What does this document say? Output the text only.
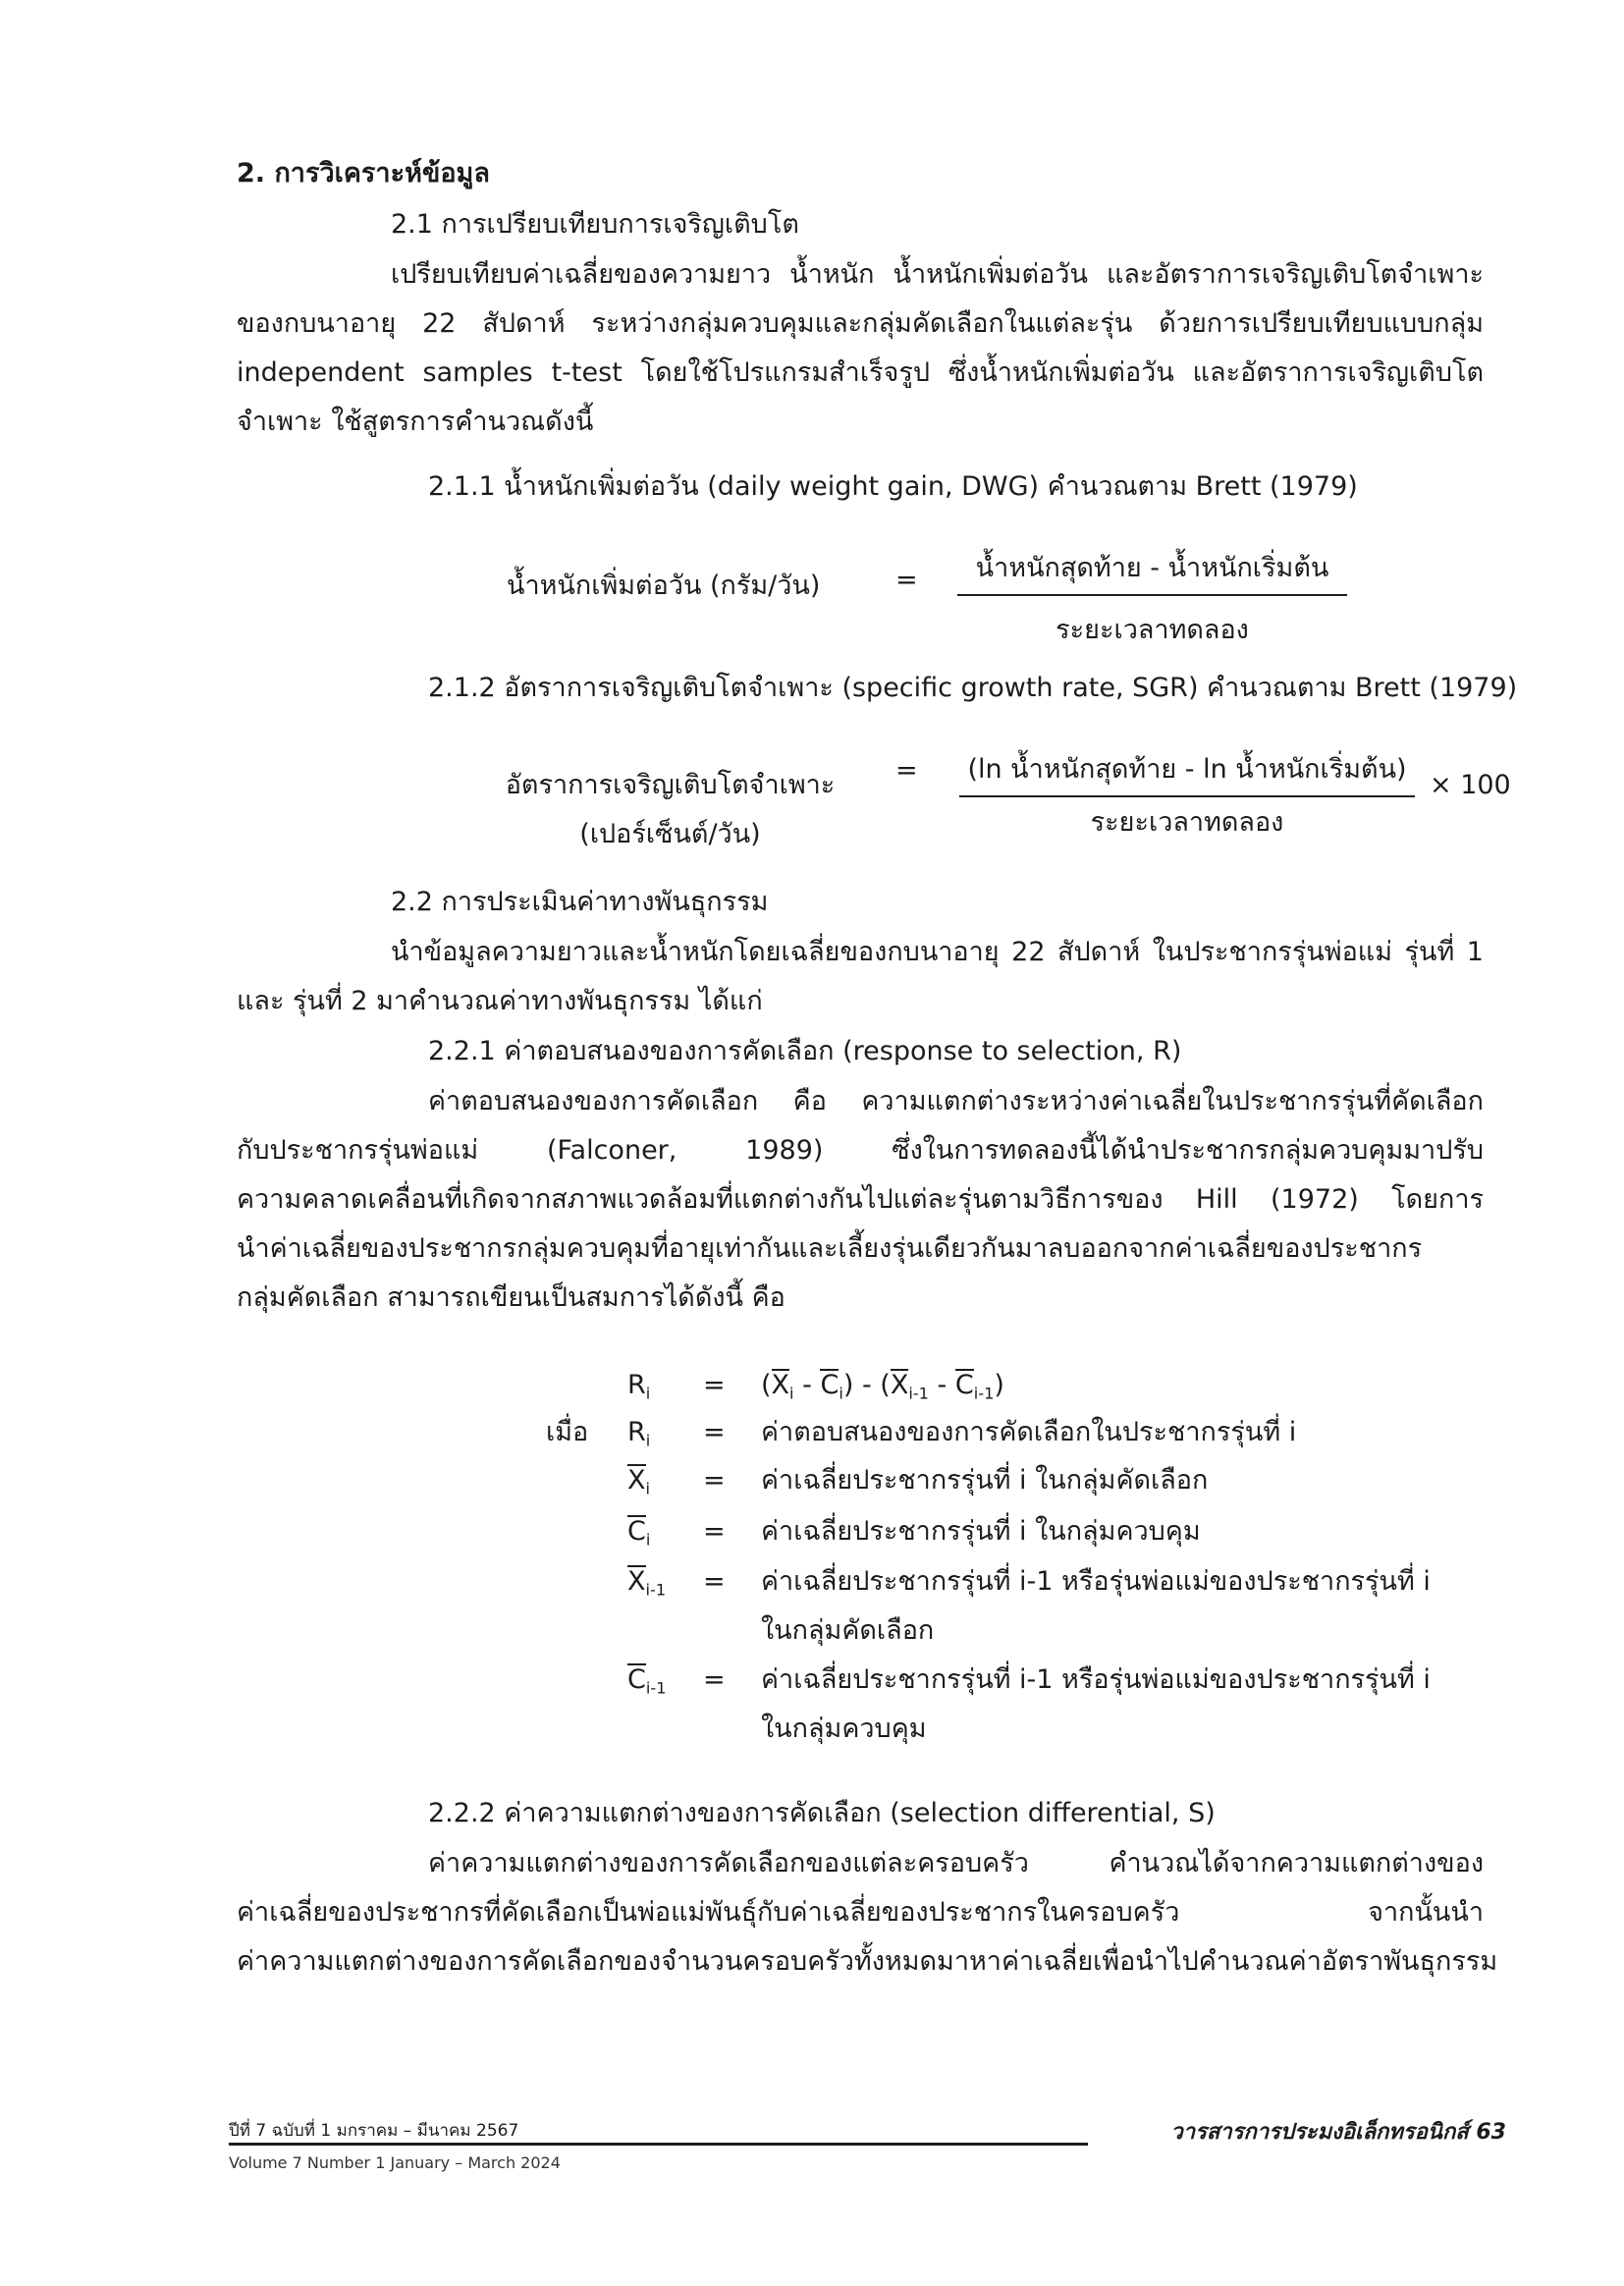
2. การวิเคราะห์ข้อมูล
2.1 การเปรียบเทียบการเจริญเติบโต
เปรียบเทียบค่าเฉลี่ยของความยาว น้ำหนัก น้ำหนักเพิ่มต่อวัน และอัตราการเจริญเติบโตจำเพาะ
ของกบนาอายุ 22 สัปดาห์ ระหว่างกลุ่มควบคุมและกลุ่มคัดเลือกในแต่ละรุ่น ด้วยการเปรียบเทียบแบบกลุ่ม
independent samples t-test โดยใช้โปรแกรมสำเร็จรูป ซึ่งน้ำหนักเพิ่มต่อวัน และอัตราการเจริญเติบโต
จำเพาะ ใช้สูตรการคำนวณดังนี้
2.1.1 น้ำหนักเพิ่มต่อวัน (daily weight gain, DWG) คำนวณตาม Brett (1979)
น้ำหนักเพิ่มต่อวัน (กรัม/วัน)	=	น้ำหนักสุดท้าย - น้ำหนักเริ่มต้น
ระยะเวลาทดลอง
2.1.2 อัตราการเจริญเติบโตจำเพาะ (specific growth rate, SGR) คำนวณตาม Brett (1979)
อัตราการเจริญเติบโตจำเพาะ
(เปอร์เซ็นต์/วัน)
=	(ln น้ำหนักสุดท้าย - ln น้ำหนักเริ่มต้น)
ระยะเวลาทดลอง
× 100
2.2 การประเมินค่าทางพันธุกรรม
นำข้อมูลความยาวและน้ำหนักโดยเฉลี่ยของกบนาอายุ 22 สัปดาห์ ในประชากรรุ่นพ่อแม่ รุ่นที่ 1
และ รุ่นที่ 2 มาคำนวณค่าทางพันธุกรรม ได้แก่
2.2.1 ค่าตอบสนองของการคัดเลือก (response to selection, R)
ค่าตอบสนองของการคัดเลือก คือ ความแตกต่างระหว่างค่าเฉลี่ยในประชากรรุ่นที่คัดเลือก
กับประชากรรุ่นพ่อแม่ (Falconer, 1989) ซึ่งในการทดลองนี้ได้นำประชากรกลุ่มควบคุมมาปรับ
ความคลาดเคลื่อนที่เกิดจากสภาพแวดล้อมที่แตกต่างกันไปแต่ละรุ่นตามวิธีการของ Hill (1972) โดยการ
นำค่าเฉลี่ยของประชากรกลุ่มควบคุมที่อายุเท่ากันและเลี้ยงรุ่นเดียวกันมาลบออกจากค่าเฉลี่ยของประชากร
กลุ่มคัดเลือก สามารถเขียนเป็นสมการได้ดังนี้ คือ
$R_i = (X_i - C_i) - (X_{i-1} - C_{i-1})$
เมื่อ $R_i$ = ค่าตอบสนองของการคัดเลือกในประชากรรุ่นที่ i
$X_i$ = ค่าเฉลี่ยประชากรรุ่นที่ i ในกลุ่มคัดเลือก
$C_i$ = ค่าเฉลี่ยประชากรรุ่นที่ i ในกลุ่มควบคุม
$X_{i-1}$ = ค่าเฉลี่ยประชากรรุ่นที่ i-1 หรือรุ่นพ่อแม่ของประชากรรุ่นที่ i
ในกลุ่มคัดเลือก
$C_{i-1}$ = ค่าเฉลี่ยประชากรรุ่นที่ i-1 หรือรุ่นพ่อแม่ของประชากรรุ่นที่ i
ในกลุ่มควบคุม
2.2.2 ค่าความแตกต่างของการคัดเลือก (selection differential, S)
ค่าความแตกต่างของการคัดเลือกของแต่ละครอบครัว คำนวณได้จากความแตกต่างของ
ค่าเฉลี่ยของประชากรที่คัดเลือกเป็นพ่อแม่พันธุ์กับค่าเฉลี่ยของประชากรในครอบครัว จากนั้นนำ
ค่าความแตกต่างของการคัดเลือกของจำนวนครอบครัวทั้งหมดมาหาค่าเฉลี่ยเพื่อนำไปคำนวณค่าอัตราพันธุกรรม
ปีที่ 7 ฉบับที่ 1 มกราคม – มีนาคม 2567
Volume 7 Number 1 January – March 2024
วารสารการประมงอิเล็กทรอนิกส์ 63
